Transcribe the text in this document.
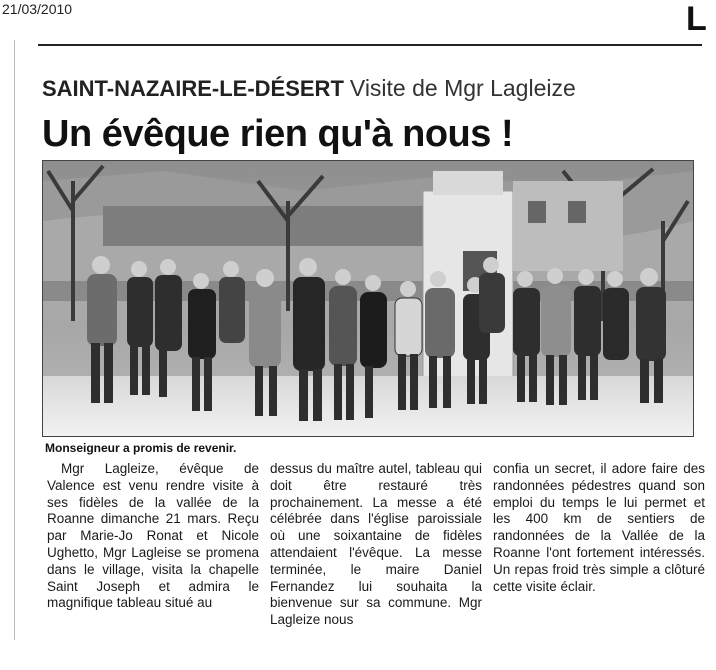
21/03/2010	L
SAINT-NAZAIRE-LE-DÉSERT Visite de Mgr Lagleize
Un évêque rien qu'à nous !
Monseigneur a promis de revenir.
Mgr Lagleize, évêque de Valence est venu rendre visite à ses fidèles de la vallée de la Roanne dimanche 21 mars. Reçu par Marie-Jo Ronat et Nicole Ughetto, Mgr Lagleise se promena dans le village, visita la chapelle Saint Joseph et admira le magnifique tableau situé au
dessus du maître autel, tableau qui doit être restauré très prochainement. La messe a été célébrée dans l'église paroissiale où une soixantaine de fidèles attendaient l'évêque. La messe terminée, le maire Daniel Fernandez lui souhaita la bienvenue sur sa commune. Mgr Lagleize nous
confia un secret, il adore faire des randonnées pédestres quand son emploi du temps le lui permet et les 400 km de sentiers de randonnées de la Vallée de la Roanne l'ont fortement intéressés. Un repas froid très simple a clôturé cette visite éclair.
